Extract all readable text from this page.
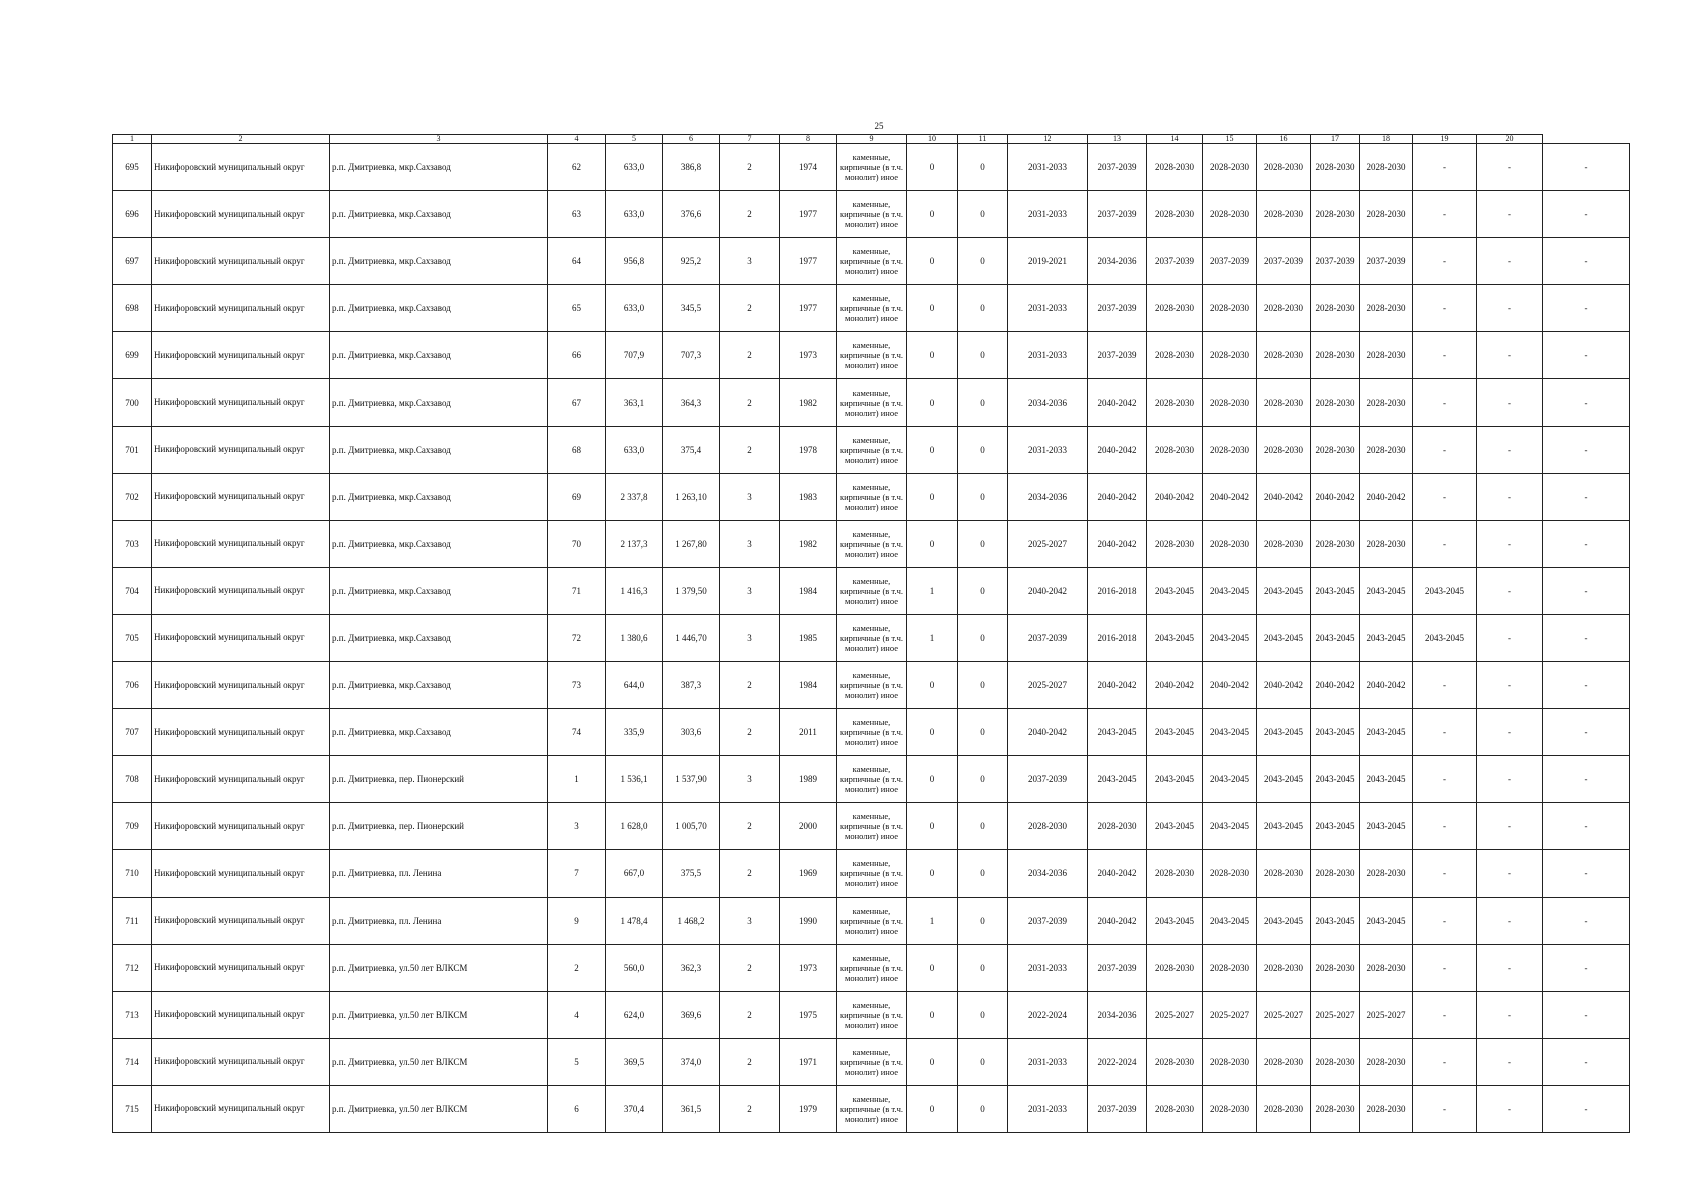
25
1	2	3	4	5	6	7	8	9	10	11	12	13	14	15	16	17	18	19	20	
695	Никифоровский муниципальный округ	р.п. Дмитриевка, мкр.Сахзавод	62	633,0	386,8	2	1974	каменные, кирпичные (в т.ч. монолит) иное	0	0	2031-2033	2037-2039	2028-2030	2028-2030	2028-2030	2028-2030	2028-2030	-	-	-
696	Никифоровский муниципальный округ	р.п. Дмитриевка, мкр.Сахзавод	63	633,0	376,6	2	1977	каменные, кирпичные (в т.ч. монолит) иное	0	0	2031-2033	2037-2039	2028-2030	2028-2030	2028-2030	2028-2030	2028-2030	-	-	-
697	Никифоровский муниципальный округ	р.п. Дмитриевка, мкр.Сахзавод	64	956,8	925,2	3	1977	каменные, кирпичные (в т.ч. монолит) иное	0	0	2019-2021	2034-2036	2037-2039	2037-2039	2037-2039	2037-2039	2037-2039	-	-	-
698	Никифоровский муниципальный округ	р.п. Дмитриевка, мкр.Сахзавод	65	633,0	345,5	2	1977	каменные, кирпичные (в т.ч. монолит) иное	0	0	2031-2033	2037-2039	2028-2030	2028-2030	2028-2030	2028-2030	2028-2030	-	-	-
699	Никифоровский муниципальный округ	р.п. Дмитриевка, мкр.Сахзавод	66	707,9	707,3	2	1973	каменные, кирпичные (в т.ч. монолит) иное	0	0	2031-2033	2037-2039	2028-2030	2028-2030	2028-2030	2028-2030	2028-2030	-	-	-
700	Никифоровский муниципальный округ	р.п. Дмитриевка, мкр.Сахзавод	67	363,1	364,3	2	1982	каменные, кирпичные (в т.ч. монолит) иное	0	0	2034-2036	2040-2042	2028-2030	2028-2030	2028-2030	2028-2030	2028-2030	-	-	-
701	Никифоровский муниципальный округ	р.п. Дмитриевка, мкр.Сахзавод	68	633,0	375,4	2	1978	каменные, кирпичные (в т.ч. монолит) иное	0	0	2031-2033	2040-2042	2028-2030	2028-2030	2028-2030	2028-2030	2028-2030	-	-	-
702	Никифоровский муниципальный округ	р.п. Дмитриевка, мкр.Сахзавод	69	2 337,8	1 263,10	3	1983	каменные, кирпичные (в т.ч. монолит) иное	0	0	2034-2036	2040-2042	2040-2042	2040-2042	2040-2042	2040-2042	2040-2042	-	-	-
703	Никифоровский муниципальный округ	р.п. Дмитриевка, мкр.Сахзавод	70	2 137,3	1 267,80	3	1982	каменные, кирпичные (в т.ч. монолит) иное	0	0	2025-2027	2040-2042	2028-2030	2028-2030	2028-2030	2028-2030	2028-2030	-	-	-
704	Никифоровский муниципальный округ	р.п. Дмитриевка, мкр.Сахзавод	71	1 416,3	1 379,50	3	1984	каменные, кирпичные (в т.ч. монолит) иное	1	0	2040-2042	2016-2018	2043-2045	2043-2045	2043-2045	2043-2045	2043-2045	2043-2045	-	-
705	Никифоровский муниципальный округ	р.п. Дмитриевка, мкр.Сахзавод	72	1 380,6	1 446,70	3	1985	каменные, кирпичные (в т.ч. монолит) иное	1	0	2037-2039	2016-2018	2043-2045	2043-2045	2043-2045	2043-2045	2043-2045	2043-2045	-	-
706	Никифоровский муниципальный округ	р.п. Дмитриевка, мкр.Сахзавод	73	644,0	387,3	2	1984	каменные, кирпичные (в т.ч. монолит) иное	0	0	2025-2027	2040-2042	2040-2042	2040-2042	2040-2042	2040-2042	2040-2042	-	-	-
707	Никифоровский муниципальный округ	р.п. Дмитриевка, мкр.Сахзавод	74	335,9	303,6	2	2011	каменные, кирпичные (в т.ч. монолит) иное	0	0	2040-2042	2043-2045	2043-2045	2043-2045	2043-2045	2043-2045	2043-2045	-	-	-
708	Никифоровский муниципальный округ	р.п. Дмитриевка, пер. Пионерский	1	1 536,1	1 537,90	3	1989	каменные, кирпичные (в т.ч. монолит) иное	0	0	2037-2039	2043-2045	2043-2045	2043-2045	2043-2045	2043-2045	2043-2045	-	-	-
709	Никифоровский муниципальный округ	р.п. Дмитриевка, пер. Пионерский	3	1 628,0	1 005,70	2	2000	каменные, кирпичные (в т.ч. монолит) иное	0	0	2028-2030	2028-2030	2043-2045	2043-2045	2043-2045	2043-2045	2043-2045	-	-	-
710	Никифоровский муниципальный округ	р.п. Дмитриевка, пл. Ленина	7	667,0	375,5	2	1969	каменные, кирпичные (в т.ч. монолит) иное	0	0	2034-2036	2040-2042	2028-2030	2028-2030	2028-2030	2028-2030	2028-2030	-	-	-
711	Никифоровский муниципальный округ	р.п. Дмитриевка, пл. Ленина	9	1 478,4	1 468,2	3	1990	каменные, кирпичные (в т.ч. монолит) иное	1	0	2037-2039	2040-2042	2043-2045	2043-2045	2043-2045	2043-2045	2043-2045	-	-	-
712	Никифоровский муниципальный округ	р.п. Дмитриевка, ул.50 лет ВЛКСМ	2	560,0	362,3	2	1973	каменные, кирпичные (в т.ч. монолит) иное	0	0	2031-2033	2037-2039	2028-2030	2028-2030	2028-2030	2028-2030	2028-2030	-	-	-
713	Никифоровский муниципальный округ	р.п. Дмитриевка, ул.50 лет ВЛКСМ	4	624,0	369,6	2	1975	каменные, кирпичные (в т.ч. монолит) иное	0	0	2022-2024	2034-2036	2025-2027	2025-2027	2025-2027	2025-2027	2025-2027	-	-	-
714	Никифоровский муниципальный округ	р.п. Дмитриевка, ул.50 лет ВЛКСМ	5	369,5	374,0	2	1971	каменные, кирпичные (в т.ч. монолит) иное	0	0	2031-2033	2022-2024	2028-2030	2028-2030	2028-2030	2028-2030	2028-2030	-	-	-
715	Никифоровский муниципальный округ	р.п. Дмитриевка, ул.50 лет ВЛКСМ	6	370,4	361,5	2	1979	каменные, кирпичные (в т.ч. монолит) иное	0	0	2031-2033	2037-2039	2028-2030	2028-2030	2028-2030	2028-2030	2028-2030	-	-	-
